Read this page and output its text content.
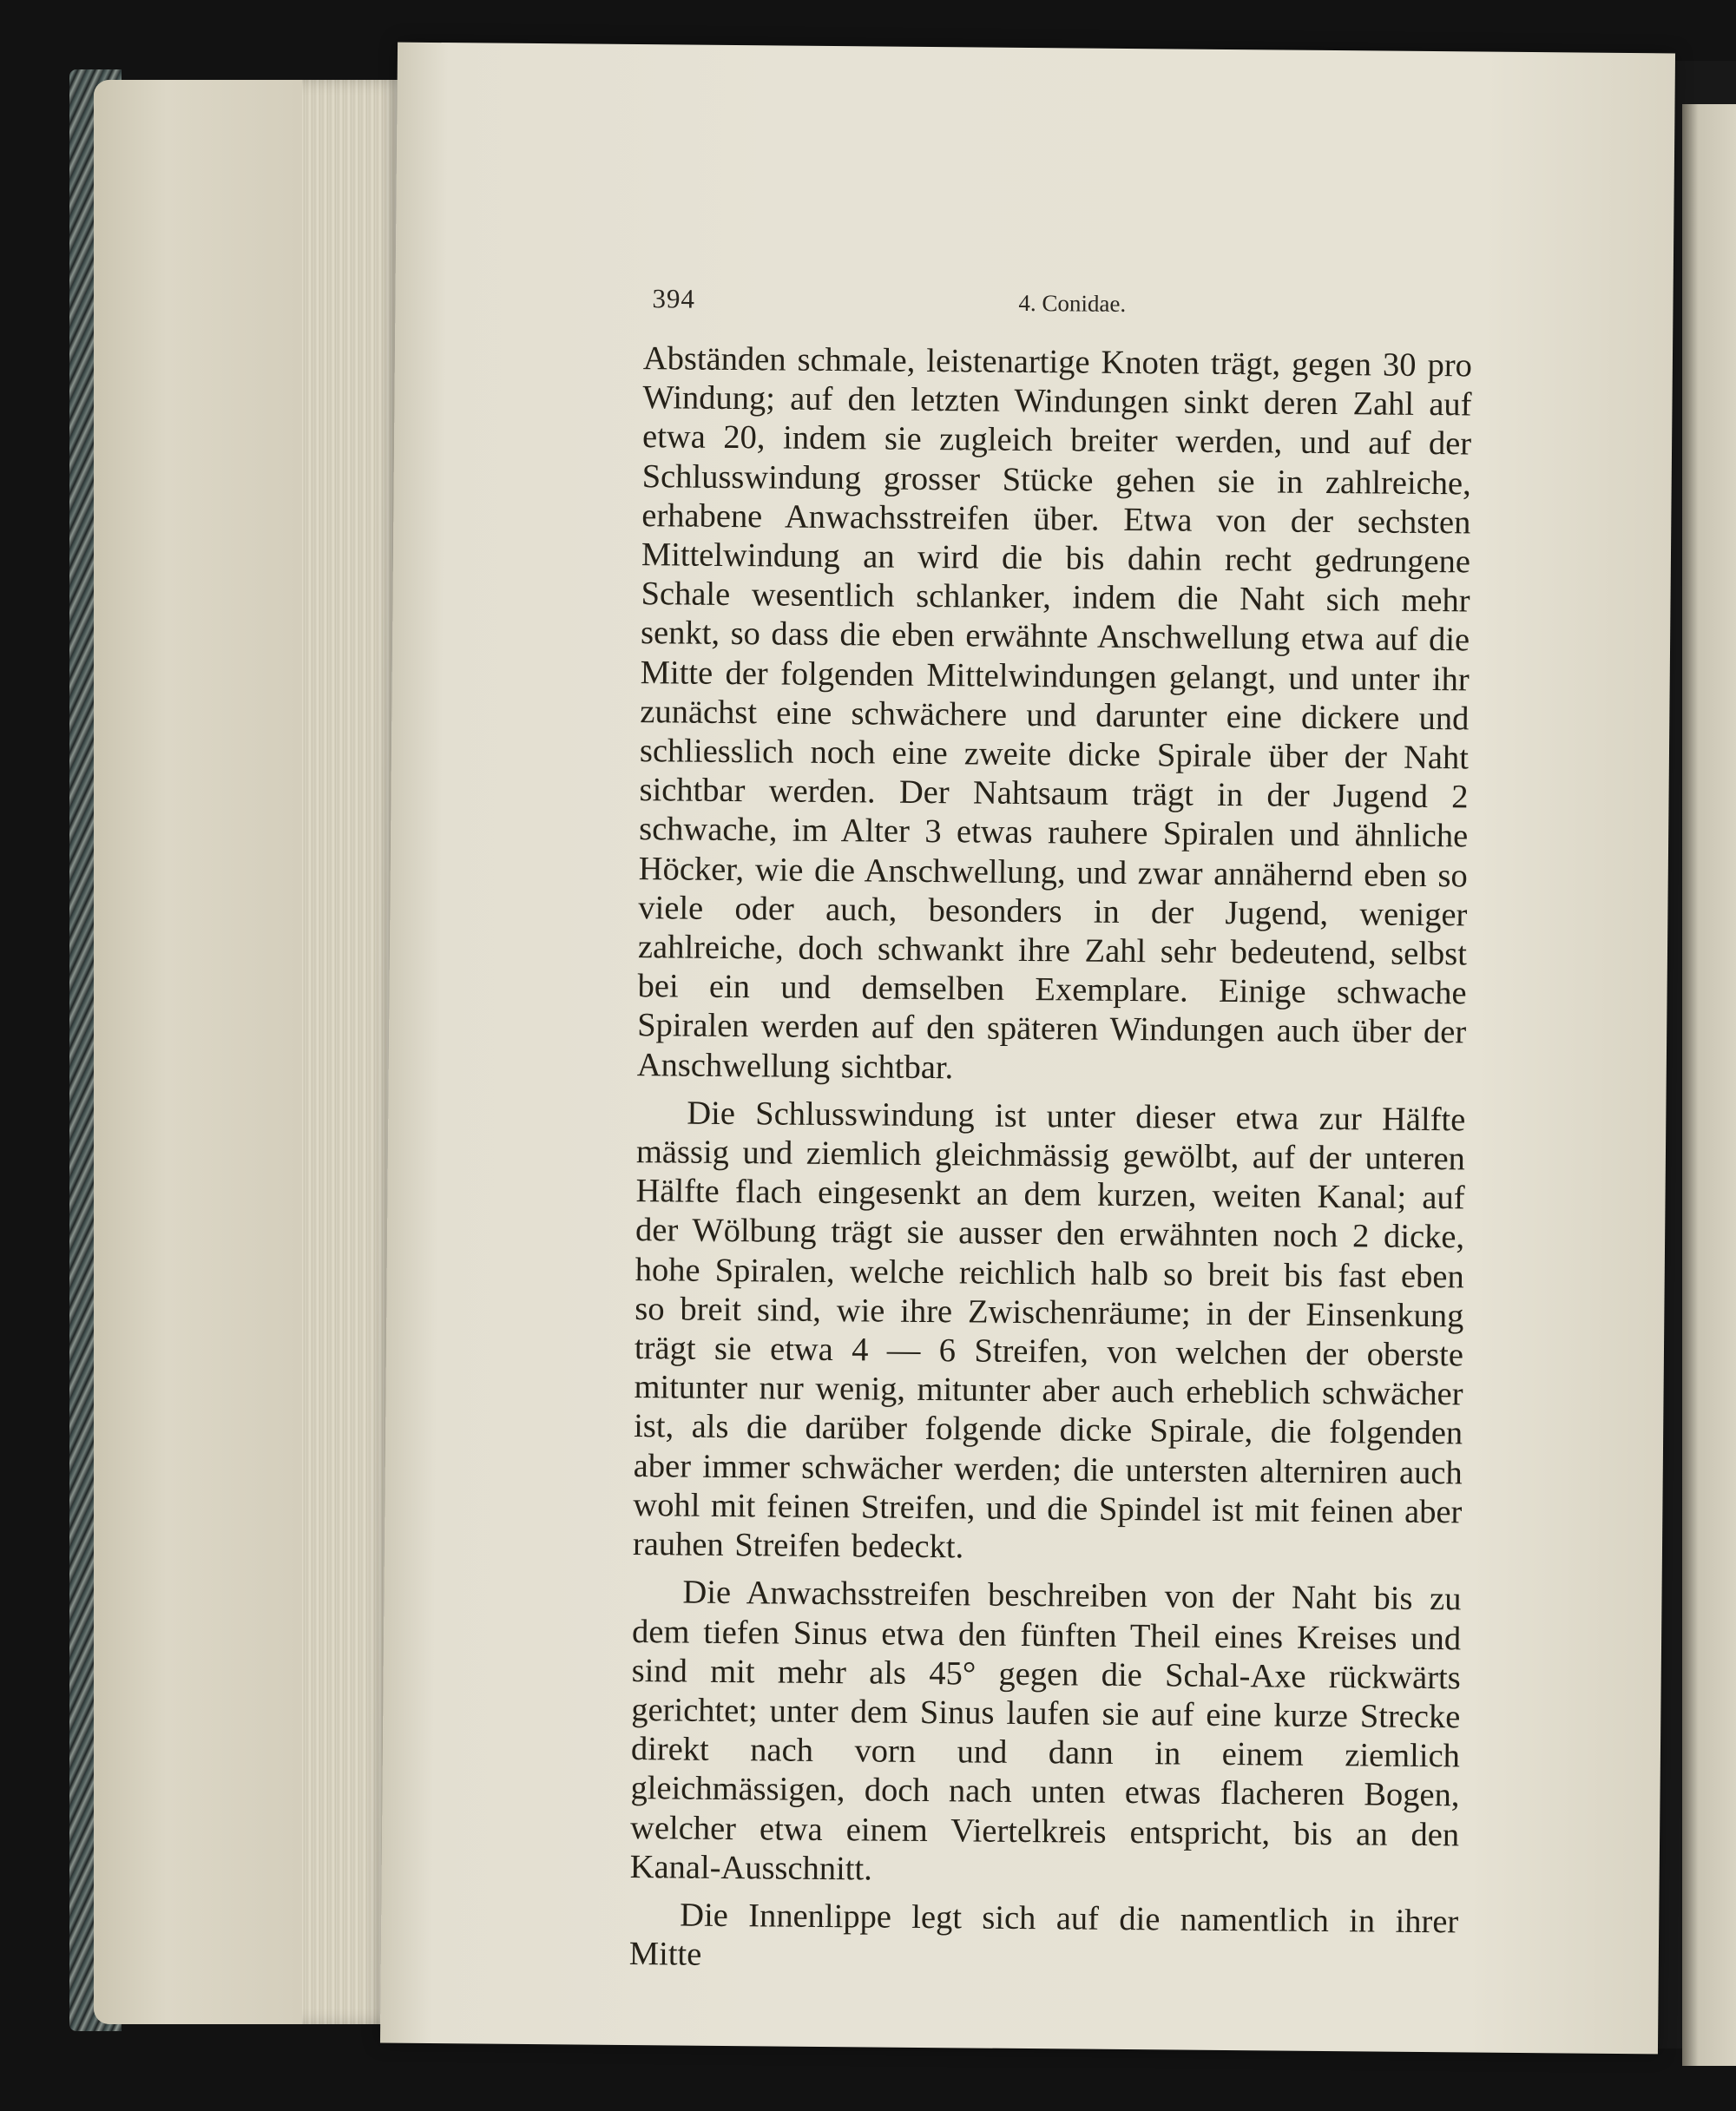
394	4. Conidae.

Abständen schmale, leistenartige Knoten trägt, gegen 30 pro Windung; auf den letzten Windungen sinkt deren Zahl auf etwa 20, indem sie zugleich breiter werden, und auf der Schlusswindung grosser Stücke gehen sie in zahlreiche, erhabene Anwachsstreifen über. Etwa von der sechsten Mittelwindung an wird die bis dahin recht gedrungene Schale wesentlich schlanker, indem die Naht sich mehr senkt, so dass die eben erwähnte Anschwellung etwa auf die Mitte der folgenden Mittelwindungen gelangt, und unter ihr zunächst eine schwächere und darunter eine dickere und schliesslich noch eine zweite dicke Spirale über der Naht sichtbar werden. Der Nahtsaum trägt in der Jugend 2 schwache, im Alter 3 etwas rauhere Spiralen und ähnliche Höcker, wie die Anschwellung, und zwar annähernd eben so viele oder auch, besonders in der Jugend, weniger zahlreiche, doch schwankt ihre Zahl sehr bedeutend, selbst bei ein und demselben Exemplare. Einige schwache Spiralen werden auf den späteren Windungen auch über der Anschwellung sichtbar.

Die Schlusswindung ist unter dieser etwa zur Hälfte mässig und ziemlich gleichmässig gewölbt, auf der unteren Hälfte flach eingesenkt an dem kurzen, weiten Kanal; auf der Wölbung trägt sie ausser den erwähnten noch 2 dicke, hohe Spiralen, welche reichlich halb so breit bis fast eben so breit sind, wie ihre Zwischenräume; in der Einsenkung trägt sie etwa 4 — 6 Streifen, von welchen der oberste mitunter nur wenig, mitunter aber auch erheblich schwächer ist, als die darüber folgende dicke Spirale, die folgenden aber immer schwächer werden; die untersten alterniren auch wohl mit feinen Streifen, und die Spindel ist mit feinen aber rauhen Streifen bedeckt.

Die Anwachsstreifen beschreiben von der Naht bis zu dem tiefen Sinus etwa den fünften Theil eines Kreises und sind mit mehr als 45° gegen die Schal-Axe rückwärts gerichtet; unter dem Sinus laufen sie auf eine kurze Strecke direkt nach vorn und dann in einem ziemlich gleichmässigen, doch nach unten etwas flacheren Bogen, welcher etwa einem Viertelkreis entspricht, bis an den Kanal-Ausschnitt.

Die Innenlippe legt sich auf die namentlich in ihrer Mitte
